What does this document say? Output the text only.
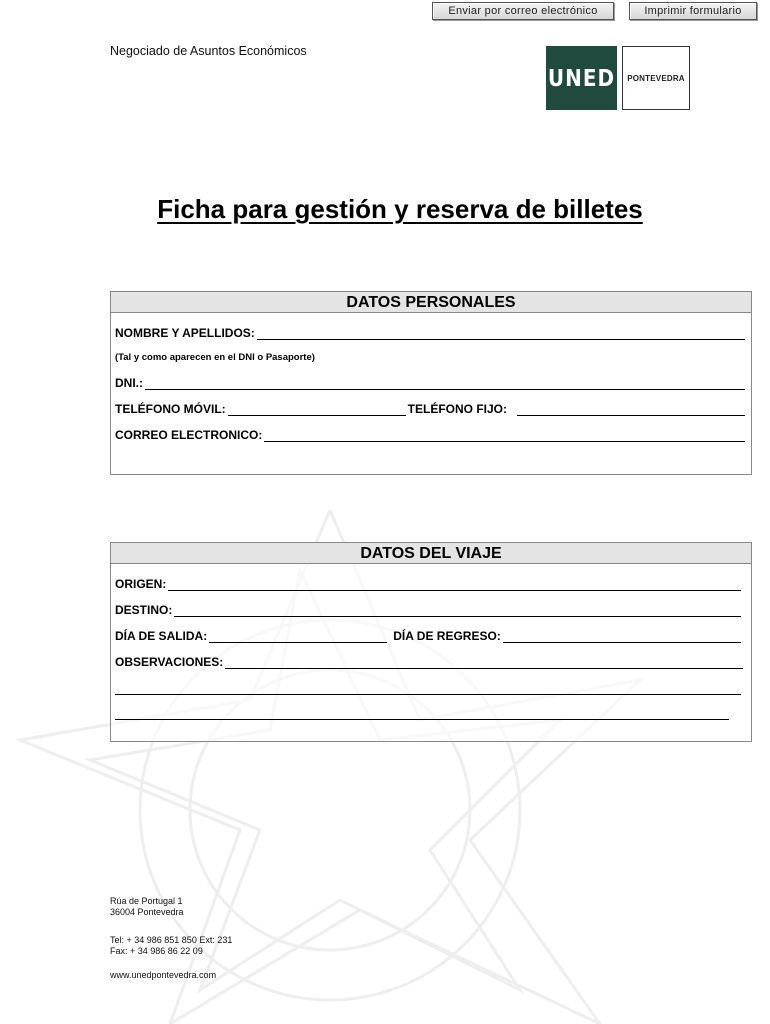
Enviar por correo electrónico	Imprimir formulario
Negociado de Asuntos Económicos
UNED PONTEVEDRA
Ficha para gestión y reserva de billetes
DATOS PERSONALES
NOMBRE Y APELLIDOS:
(Tal y como aparecen en el DNI o Pasaporte)
DNI.:
TELÉFONO MÓVIL:	TELÉFONO FIJO:
CORREO ELECTRONICO:
DATOS DEL VIAJE
ORIGEN:
DESTINO:
DÍA DE SALIDA:	DÍA DE REGRESO:
OBSERVACIONES:
Rúa de Portugal 1
36004 Pontevedra
Tel: + 34 986 851 850 Ext: 231
Fax: + 34 986 86 22 09
www.unedpontevedra.com
